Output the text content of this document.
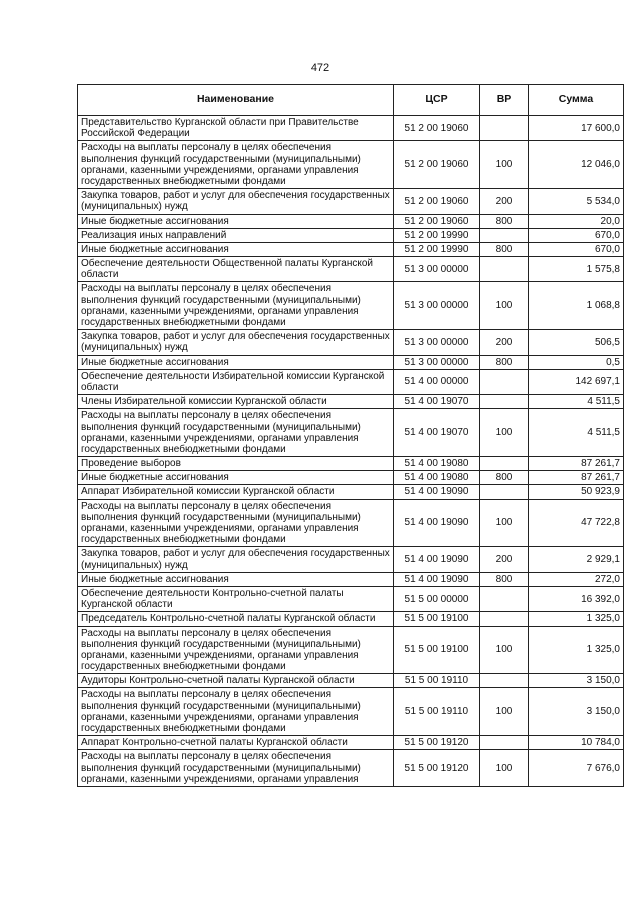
472
Наименование	ЦСР	ВР	Сумма
Представительство Курганской области при Правительстве Российской Федерации	51 2 00 19060		17 600,0
Расходы на выплаты персоналу в целях обеспечения выполнения функций государственными (муниципальными) органами, казенными учреждениями, органами управления государственных внебюджетными фондами	51 2 00 19060	100	12 046,0
Закупка товаров, работ и услуг для обеспечения государственных (муниципальных) нужд	51 2 00 19060	200	5 534,0
Иные бюджетные ассигнования	51 2 00 19060	800	20,0
Реализация иных направлений	51 2 00 19990		670,0
Иные бюджетные ассигнования	51 2 00 19990	800	670,0
Обеспечение деятельности Общественной палаты Курганской области	51 3 00 00000		1 575,8
Расходы на выплаты персоналу в целях обеспечения выполнения функций государственными (муниципальными) органами, казенными учреждениями, органами управления государственных внебюджетными фондами	51 3 00 00000	100	1 068,8
Закупка товаров, работ и услуг для обеспечения государственных (муниципальных) нужд	51 3 00 00000	200	506,5
Иные бюджетные ассигнования	51 3 00 00000	800	0,5
Обеспечение деятельности Избирательной комиссии Курганской области	51 4 00 00000		142 697,1
Члены Избирательной комиссии Курганской области	51 4 00 19070		4 511,5
Расходы на выплаты персоналу в целях обеспечения выполнения функций государственными (муниципальными) органами, казенными учреждениями, органами управления государственных внебюджетными фондами	51 4 00 19070	100	4 511,5
Проведение выборов	51 4 00 19080		87 261,7
Иные бюджетные ассигнования	51 4 00 19080	800	87 261,7
Аппарат Избирательной комиссии Курганской области	51 4 00 19090		50 923,9
Расходы на выплаты персоналу в целях обеспечения выполнения функций государственными (муниципальными) органами, казенными учреждениями, органами управления государственных внебюджетными фондами	51 4 00 19090	100	47 722,8
Закупка товаров, работ и услуг для обеспечения государственных (муниципальных) нужд	51 4 00 19090	200	2 929,1
Иные бюджетные ассигнования	51 4 00 19090	800	272,0
Обеспечение деятельности Контрольно-счетной палаты Курганской области	51 5 00 00000		16 392,0
Председатель Контрольно-счетной палаты Курганской области	51 5 00 19100		1 325,0
Расходы на выплаты персоналу в целях обеспечения выполнения функций государственными (муниципальными) органами, казенными учреждениями, органами управления государственных внебюджетными фондами	51 5 00 19100	100	1 325,0
Аудиторы Контрольно-счетной палаты Курганской области	51 5 00 19110		3 150,0
Расходы на выплаты персоналу в целях обеспечения выполнения функций государственными (муниципальными) органами, казенными учреждениями, органами управления государственных внебюджетными фондами	51 5 00 19110	100	3 150,0
Аппарат Контрольно-счетной палаты Курганской области	51 5 00 19120		10 784,0
Расходы на выплаты персоналу в целях обеспечения выполнения функций государственными (муниципальными) органами, казенными учреждениями, органами управления	51 5 00 19120	100	7 676,0
